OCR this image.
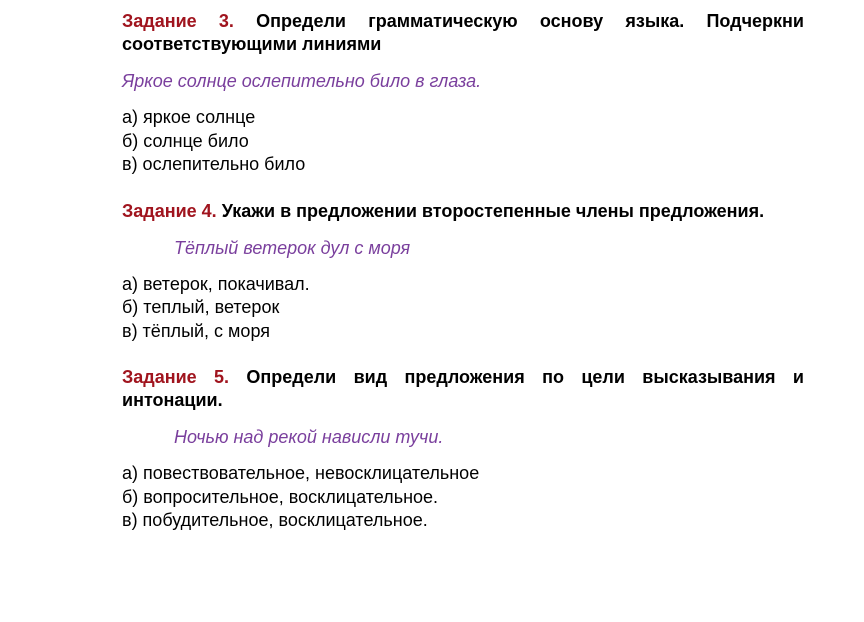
Задание 3. Определи грамматическую основу языка. Подчеркни соответствующими линиями

Яркое солнце ослепительно било в глаза.

а) яркое солнце
б) солнце било
в) ослепительно било

Задание 4. Укажи в предложении второстепенные члены предложения.

Тёплый ветерок дул с моря

а) ветерок, покачивал.
б) теплый, ветерок
в) тёплый, с моря

Задание 5. Определи вид предложения по цели высказывания и интонации.

Ночью над рекой нависли тучи.

а) повествовательное, невосклицательное
б) вопросительное, восклицательное.
в) побудительное, восклицательное.
